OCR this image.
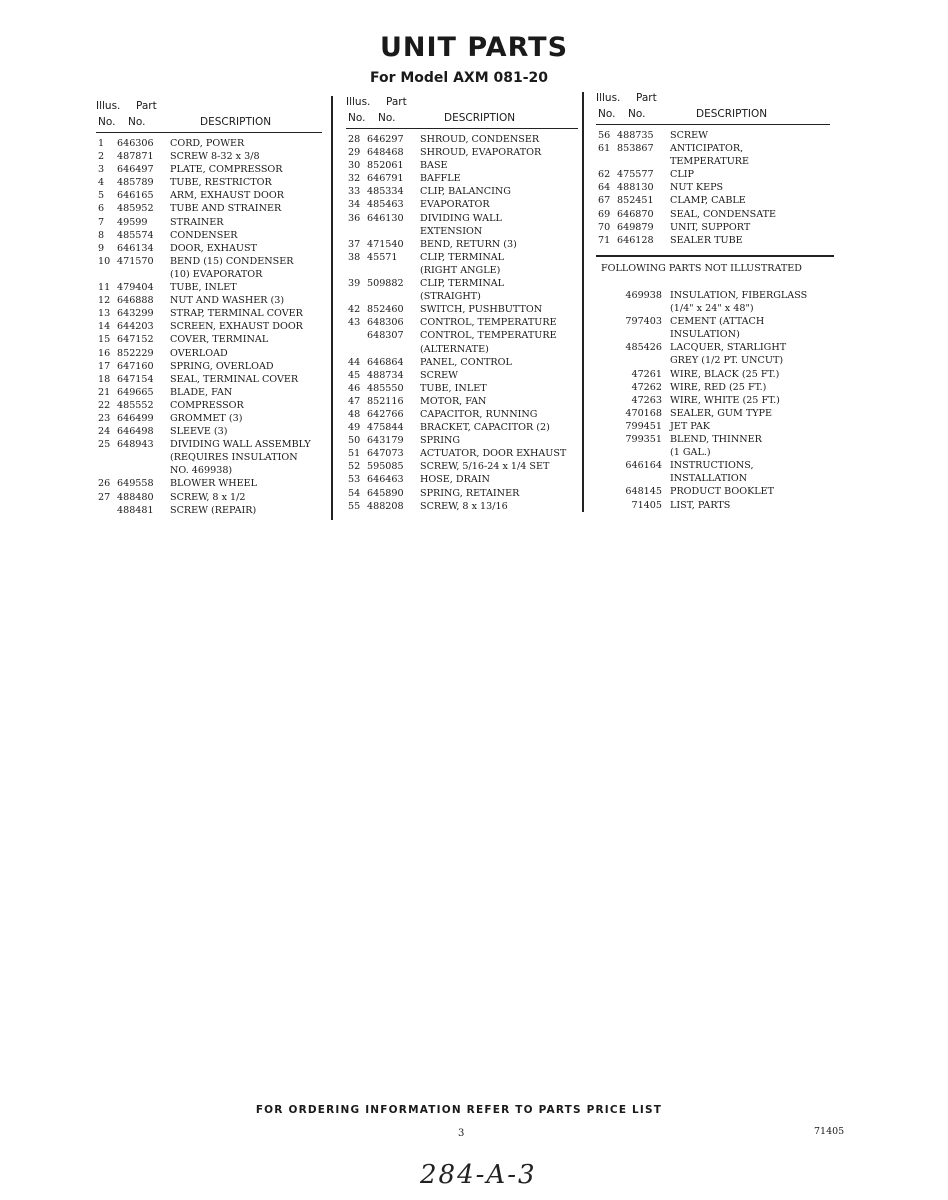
UNIT PARTS
For Model AXM 081-20
Illus. Part
No. No.	DESCRIPTION
1	646306	CORD, POWER
2	487871	SCREW 8-32 x 3/8
3	646497	PLATE, COMPRESSOR
4	485789	TUBE, RESTRICTOR
5	646165	ARM, EXHAUST DOOR
6	485952	TUBE AND STRAINER
7	49599	STRAINER
8	485574	CONDENSER
9	646134	DOOR, EXHAUST
10 471570	BEND (15) CONDENSER
(10) EVAPORATOR
11 479404	TUBE, INLET
12 646888	NUT AND WASHER (3)
13 643299	STRAP, TERMINAL COVER
14 644203	SCREEN, EXHAUST DOOR
15 647152	COVER, TERMINAL
16 852229	OVERLOAD
17 647160	SPRING, OVERLOAD
18 647154	SEAL, TERMINAL COVER
21 649665	BLADE, FAN
22 485552	COMPRESSOR
23 646499	GROMMET (3)
24 646498	SLEEVE (3)
25 648943	DIVIDING WALL ASSEMBLY
(REQUIRES INSULATION
NO. 469938)
26 649558	BLOWER WHEEL
27 488480	SCREW, 8 x 1/2
488481	SCREW (REPAIR)
Illus. Part
No. No.	DESCRIPTION
28 646297	SHROUD, CONDENSER
29 648468	SHROUD, EVAPORATOR
30 852061	BASE
32 646791	BAFFLE
33 485334	CLIP, BALANCING
34 485463	EVAPORATOR
36 646130	DIVIDING WALL
EXTENSION
37 471540	BEND, RETURN (3)
38 45571	CLIP, TERMINAL
(RIGHT ANGLE)
39 509882	CLIP, TERMINAL
(STRAIGHT)
42 852460	SWITCH, PUSHBUTTON
43 648306	CONTROL, TEMPERATURE
648307	CONTROL, TEMPERATURE
(ALTERNATE)
44 646864	PANEL, CONTROL
45 488734	SCREW
46 485550	TUBE, INLET
47 852116	MOTOR, FAN
48 642766	CAPACITOR, RUNNING
49 475844	BRACKET, CAPACITOR (2)
50 643179	SPRING
51 647073	ACTUATOR, DOOR EXHAUST
52 595085	SCREW, 5/16-24 x 1/4 SET
53 646463	HOSE, DRAIN
54 645890	SPRING, RETAINER
55 488208	SCREW, 8 x 13/16
Illus. Part
No. No.	DESCRIPTION
56 488735	SCREW
61 853867	ANTICIPATOR,
TEMPERATURE
62 475577	CLIP
64 488130	NUT KEPS
67 852451	CLAMP, CABLE
69 646870	SEAL, CONDENSATE
70 649879	UNIT, SUPPORT
71 646128	SEALER TUBE
FOLLOWING PARTS NOT ILLUSTRATED
469938 INSULATION, FIBERGLASS
(1/4" x 24" x 48")
797403 CEMENT (ATTACH
INSULATION)
485426 LACQUER, STARLIGHT
GREY (1/2 PT. UNCUT)
47261 WIRE, BLACK (25 FT.)
47262 WIRE, RED (25 FT.)
47263 WIRE, WHITE (25 FT.)
470168 SEALER, GUM TYPE
799451 JET PAK
799351 BLEND, THINNER
(1 GAL.)
646164 INSTRUCTIONS,
INSTALLATION
648145 PRODUCT BOOKLET
71405 LIST, PARTS
FOR ORDERING INFORMATION REFER TO PARTS PRICE LIST
3	71405
284-A-3
